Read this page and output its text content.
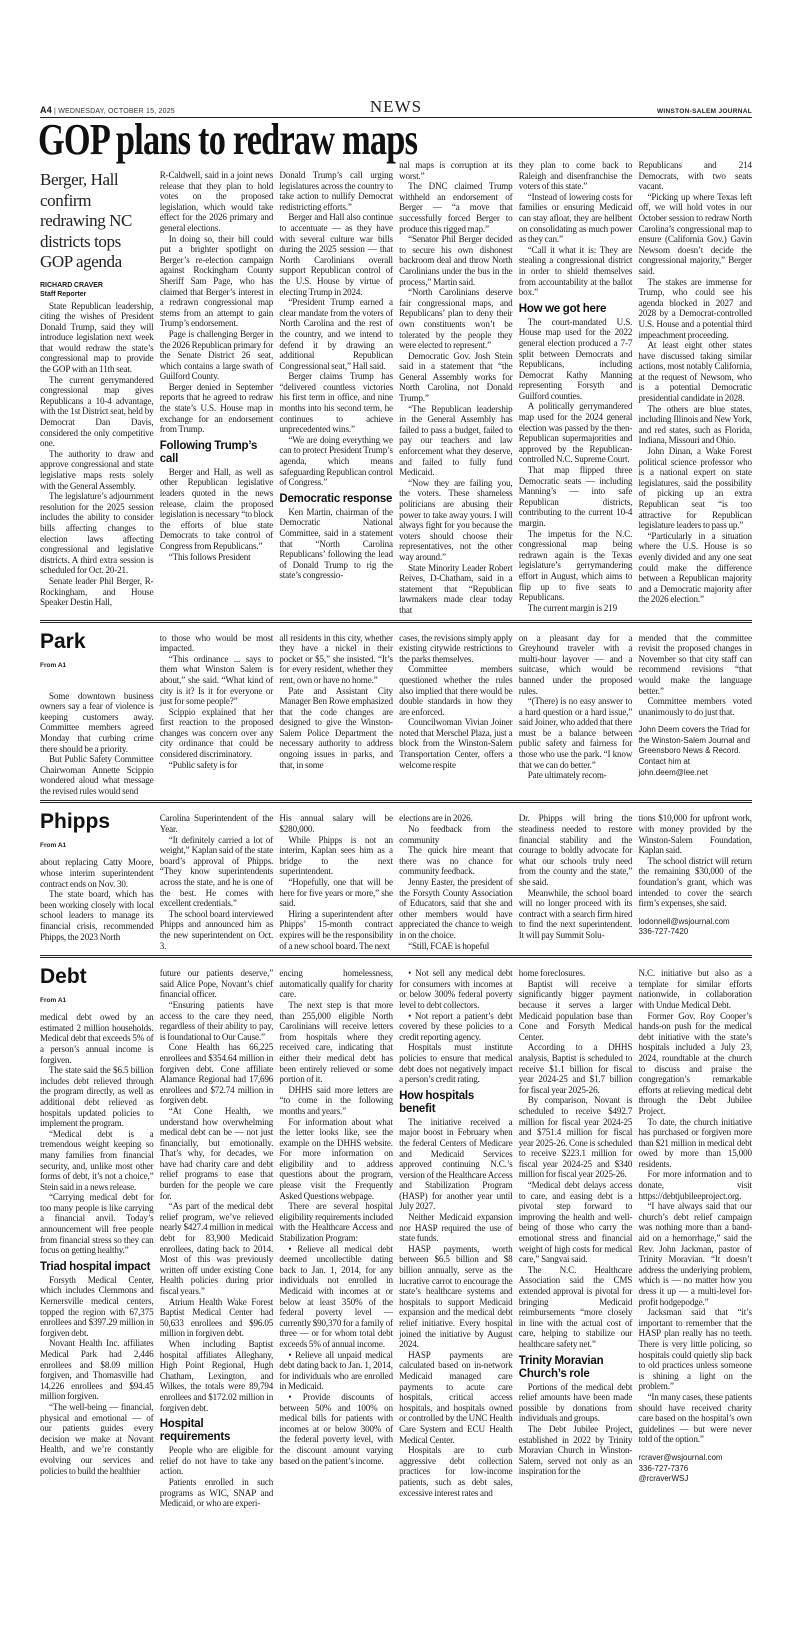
A4 | WEDNESDAY, OCTOBER 15, 2025	NEWS	WINSTON-SALEM JOURNAL
GOP plans to redraw maps
Berger, Hall confirm redrawing NC districts tops GOP agenda
RICHARD CRAVER
Staff Reporter

State Republican leadership, citing the wishes of President Donald Trump, said they will introduce legislation next week that would redraw the state’s congressional map to provide the GOP with an 11th seat.

The current gerrymandered congressional map gives Republicans a 10-4 advantage, with the 1st District seat, held by Democrat Dan Davis, considered the only competitive one.

The authority to draw and approve congressional and state legislative maps rests solely with the General Assembly.

The legislature’s adjournment resolution for the 2025 session includes the ability to consider bills affecting changes to election laws affecting congressional and legislative districts. A third extra session is scheduled for Oct. 20-21.

Senate leader Phil Berger, R-Rockingham, and House Speaker Destin Hall,

R-Caldwell, said in a joint news release that they plan to hold votes on the proposed legislation, which would take effect for the 2026 primary and general elections.

In doing so, their bill could put a brighter spotlight on Berger’s re-election campaign against Rockingham County Sheriff Sam Page, who has claimed that Berger’s interest in a redrawn congressional map stems from an attempt to gain Trump’s endorsement.

Page is challenging Berger in the 2026 Republican primary for the Senate District 26 seat, which contains a large swath of Guilford County.

Berger denied in September reports that he agreed to redraw the state’s U.S. House map in exchange for an endorsement from Trump.

Following Trump’s call

Berger and Hall, as well as other Republican legislative leaders quoted in the news release, claim the proposed legislation is necessary “to block the efforts of blue state Democrats to take control of Congress from Republicans.”

“This follows President

Donald Trump’s call urging legislatures across the country to take action to nullify Democrat redistricting efforts.”

Berger and Hall also continue to accentuate — as they have with several culture war bills during the 2025 session — that North Carolinians overall support Republican control of the U.S. House by virtue of electing Trump in 2024.

“President Trump earned a clear mandate from the voters of North Carolina and the rest of the country, and we intend to defend it by drawing an additional Republican Congressional seat,” Hall said.

Berger claims Trump has “delivered countless victories his first term in office, and nine months into his second term, he continues to achieve unprecedented wins.”

“We are doing everything we can to protect President Trump’s agenda, which means safeguarding Republican control of Congress.”

Democratic response

Ken Martin, chairman of the Democratic National Committee, said in a statement that “North Carolina Republicans’ following the lead of Donald Trump to rig the state’s congressio-

nal maps is corruption at its worst.”

The DNC claimed Trump withheld an endorsement of Berger — “a move that successfully forced Berger to produce this rigged map.”

“Senator Phil Berger decided to secure his own dishonest backroom deal and throw North Carolinians under the bus in the process,” Martin said.

“North Carolinians deserve fair congressional maps, and Republicans’ plan to deny their own constituents won’t be tolerated by the people they were elected to represent.”

Democratic Gov. Josh Stein said in a statement that “the General Assembly works for North Carolina, not Donald Trump.”

“The Republican leadership in the General Assembly has failed to pass a budget, failed to pay our teachers and law enforcement what they deserve, and failed to fully fund Medicaid.

“Now they are failing you, the voters. These shameless politicians are abusing their power to take away yours. I will always fight for you because the voters should choose their representatives, not the other way around.”

State Minority Leader Robert Reives, D-Chatham, said in a statement that “Republican lawmakers made clear today that

they plan to come back to Raleigh and disenfranchise the voters of this state.”

“Instead of lowering costs for families or ensuring Medicaid can stay afloat, they are hellbent on consolidating as much power as they can.”

“Call it what it is: They are stealing a congressional district in order to shield themselves from accountability at the ballot box.”

How we got here

The court-mandated U.S. House map used for the 2022 general election produced a 7-7 split between Democrats and Republicans, including Democrat Kathy Manning representing Forsyth and Guilford counties.

A politically gerrymandered map used for the 2024 general election was passed by the then-Republican supermajorities and approved by the Republican-controlled N.C. Supreme Court.

That map flipped three Democratic seats — including Manning’s — into safe Republican districts, contributing to the current 10-4 margin.

The impetus for the N.C. congressional map being redrawn again is the Texas legislature’s gerrymandering effort in August, which aims to flip up to five seats to Republicans.

The current margin is 219

Republicans and 214 Democrats, with two seats vacant.

“Picking up where Texas left off, we will hold votes in our October session to redraw North Carolina’s congressional map to ensure (California Gov.) Gavin Newsom doesn’t decide the congressional majority,” Berger said.

The stakes are immense for Trump, who could see his agenda blocked in 2027 and 2028 by a Democrat-controlled U.S. House and a potential third impeachment proceeding.

At least eight other states have discussed taking similar actions, most notably California, at the request of Newsom, who is a potential Democratic presidential candidate in 2028.

The others are blue states, including Illinois and New York, and red states, such as Florida, Indiana, Missouri and Ohio.

John Dinan, a Wake Forest political science professor who is a national expert on state legislatures, said the possibility of picking up an extra Republican seat “is too attractive for Republican legislature leaders to pass up.”

“Particularly in a situation where the U.S. House is so evenly divided and any one seat could make the difference between a Republican majority and a Democratic majority after the 2026 election.”

Park
From A1

Some downtown business owners say a fear of violence is keeping customers away. Committee members agreed Monday that curbing crime there should be a priority.

But Public Safety Committee Chairwoman Annette Scippio wondered aloud what message the revised rules would send

to those who would be most impacted.

“This ordinance ... says to them what Winston Salem is about,” she said. “What kind of city is it? Is it for everyone or just for some people?”

Scippio explained that her first reaction to the proposed changes was concern over any city ordinance that could be considered discriminatory.

“Public safety is for

all residents in this city, whether they have a nickel in their pocket or $5,” she insisted. “It’s for every resident, whether they rent, own or have no home.”

Pate and Assistant City Manager Ben Rowe emphasized that the code changes are designed to give the Winston-Salem Police Department the necessary authority to address ongoing issues in parks, and that, in some

cases, the revisions simply apply existing citywide restrictions to the parks themselves.

Committee members questioned whether the rules also implied that there would be double standards in how they are enforced.

Councilwoman Vivian Joiner noted that Merschel Plaza, just a block from the Winston-Salem Transportation Center, offers a welcome respite

on a pleasant day for a Greyhound traveler with a multi-hour layover — and a suitcase, which would be banned under the proposed rules.

“(There) is no easy answer to a hard question or a hard issue,” said Joiner, who added that there must be a balance between public safety and fairness for those who use the park. “I know that we can do better.”

Pate ultimately recom-

mended that the committee revisit the proposed changes in November so that city staff can recommend revisions “that would make the language better.”

Committee members voted unanimously to do just that.

John Deem covers the Triad for the Winston-Salem Journal and Greensboro News & Record. Contact him at john.deem@lee.net
Phipps
From A1

about replacing Catty Moore, whose interim superintendent contract ends on Nov. 30.

The state board, which has been working closely with local school leaders to manage its financial crisis, recommended Phipps, the 2023 North

Carolina Superintendent of the Year.

“It definitely carried a lot of weight,” Kaplan said of the state board’s approval of Phipps. “They know superintendents across the state, and he is one of the best. He comes with excellent credentials.”

The school board interviewed Phipps and announced him as the new superintendent on Oct. 3.

His annual salary will be $280,000.

While Phipps is not an interim, Kaplan sees him as a bridge to the next superintendent.

“Hopefully, one that will be here for five years or more,” she said.

Hiring a superintendent after Phipps’ 15-month contract expires will be the responsibility of a new school board. The next

elections are in 2026.

No feedback from the community

The quick hire meant that there was no chance for community feedback.

Jenny Easter, the president of the Forsyth County Association of Educators, said that she and other members would have appreciated the chance to weigh in on the choice.

“Still, FCAE is hopeful

Dr. Phipps will bring the steadiness needed to restore financial stability and the courage to boldly advocate for what our schools truly need from the county and the state,” she said.

Meanwhile, the school board will no longer proceed with its contract with a search firm hired to find the next superintendent. It will pay Summit Solu-

tions $10,000 for upfront work, with money provided by the Winston-Salem Foundation, Kaplan said.

The school district will return the remaining $30,000 of the foundation’s grant, which was intended to cover the search firm’s expenses, she said.

lodonnell@wsjournal.com
336-727-7420
Debt
From A1

medical debt owed by an estimated 2 million households. Medical debt that exceeds 5% of a person’s annual income is forgiven.

The state said the $6.5 billion includes debt relieved through the program directly, as well as additional debt relieved as hospitals updated policies to implement the program.

“Medical debt is a tremendous weight keeping so many families from financial security, and, unlike most other forms of debt, it’s not a choice,” Stein said in a news release.

“Carrying medical debt for too many people is like carrying a financial anvil. Today’s announcement will free people from financial stress so they can focus on getting healthy.”

Triad hospital impact

Forsyth Medical Center, which includes Clemmons and Kernersville medical centers, topped the region with 67,375 enrollees and $397.29 million in forgiven debt.

Novant Health Inc. affiliates Medical Park had 2,446 enrollees and $8.09 million forgiven, and Thomasville had 14,226 enrollees and $94.45 million forgiven.

“The well-being — financial, physical and emotional — of our patients guides every decision we make at Novant Health, and we’re constantly evolving our services and policies to build the healthier

future our patients deserve,” said Alice Pope, Novant’s chief financial officer.

“Ensuring patients have access to the care they need, regardless of their ability to pay, is foundational to Our Cause.”

Cone Health has 66,225 enrollees and $354.64 million in forgiven debt. Cone affiliate Alamance Regional had 17,696 enrollees and $72.74 million in forgiven debt.

“At Cone Health, we understand how overwhelming medical debt can be — not just financially, but emotionally. That’s why, for decades, we have had charity care and debt relief programs to ease that burden for the people we care for.

“As part of the medical debt relief program, we’ve relieved nearly $427.4 million in medical debt for 83,900 Medicaid enrollees, dating back to 2014. Most of this was previously written off under existing Cone Health policies during prior fiscal years.”

Atrium Health Wake Forest Baptist Medical Center had 50,633 enrollees and $96.05 million in forgiven debt.

When including Baptist hospital affiliates Alleghany, High Point Regional, Hugh Chatham, Lexington, and Wilkes, the totals were 89,794 enrollees and $172.02 million in forgiven debt.

Hospital requirements

People who are eligible for relief do not have to take any action.

Patients enrolled in such programs as WIC, SNAP and Medicaid, or who are experi-

encing homelessness, automatically qualify for charity care.

The next step is that more than 255,000 eligible North Carolinians will receive letters from hospitals where they received care, indicating that either their medical debt has been entirely relieved or some portion of it.

DHHS said more letters are “to come in the following months and years.”

For information about what the letter looks like, see the example on the DHHS website. For more information on eligibility and to address questions about the program, please visit the Frequently Asked Questions webpage.

There are several hospital eligibility requirements included with the Healthcare Access and Stabilization Program:

• Relieve all medical debt deemed uncollectible dating back to Jan. 1, 2014, for any individuals not enrolled in Medicaid with incomes at or below at least 350% of the federal poverty level — currently $90,370 for a family of three — or for whom total debt exceeds 5% of annual income.

• Relieve all unpaid medical debt dating back to Jan. 1, 2014, for individuals who are enrolled in Medicaid.

• Provide discounts of between 50% and 100% on medical bills for patients with incomes at or below 300% of the federal poverty level, with the discount amount varying based on the patient’s income.

• Not sell any medical debt for consumers with incomes at or below 300% federal poverty level to debt collectors.

• Not report a patient’s debt covered by these policies to a credit reporting agency.

Hospitals must institute policies to ensure that medical debt does not negatively impact a person’s credit rating.

How hospitals benefit

The initiative received a major boost in February when the federal Centers of Medicare and Medicaid Services approved continuing N.C.’s version of the Healthcare Access and Stabilization Program (HASP) for another year until July 2027.

Neither Medicaid expansion nor HASP required the use of state funds.

HASP payments, worth between $6.5 billion and $8 billion annually, serve as the lucrative carrot to encourage the state’s healthcare systems and hospitals to support Medicaid expansion and the medical debt relief initiative. Every hospital joined the initiative by August 2024.

HASP payments are calculated based on in-network Medicaid managed care payments to acute care hospitals, critical access hospitals, and hospitals owned or controlled by the UNC Health Care System and ECU Health Medical Center.

Hospitals are to curb aggressive debt collection practices for low-income patients, such as debt sales, excessive interest rates and

home foreclosures.

Baptist will receive a significantly bigger payment because it serves a larger Medicaid population base than Cone and Forsyth Medical Center.

According to a DHHS analysis, Baptist is scheduled to receive $1.1 billion for fiscal year 2024-25 and $1.7 billion for fiscal year 2025-26.

By comparison, Novant is scheduled to receive $492.7 million for fiscal year 2024-25 and $751.4 million for fiscal year 2025-26. Cone is scheduled to receive $223.1 million for fiscal year 2024-25 and $340 million for fiscal year 2025-26.

“Medical debt delays access to care, and easing debt is a pivotal step forward to improving the health and well-being of those who carry the emotional stress and financial weight of high costs for medical care,” Sangvai said.

The N.C. Healthcare Association said the CMS extended approval is pivotal for bringing Medicaid reimbursements “more closely in line with the actual cost of care, helping to stabilize our healthcare safety net.”

Trinity Moravian Church’s role

Portions of the medical debt relief amounts have been made possible by donations from individuals and groups.

The Debt Jubilee Project, established in 2022 by Trinity Moravian Church in Winston-Salem, served not only as an inspiration for the

N.C. initiative but also as a template for similar efforts nationwide, in collaboration with Undue Medical Debt.

Former Gov. Roy Cooper’s hands-on push for the medical debt initiative with the state’s hospitals included a July 23, 2024, roundtable at the church to discuss and praise the congregation’s remarkable efforts at relieving medical debt through the Debt Jubilee Project.

To date, the church initiative has purchased or forgiven more than $21 million in medical debt owed by more than 15,000 residents.

For more information and to donate, visit https://debtjubileeproject.org.

“I have always said that our church’s debt relief campaign was nothing more than a band-aid on a hemorrhage,” said the Rev. John Jackman, pastor of Trinity Moravian. “It doesn’t address the underlying problem, which is — no matter how you dress it up — a multi-level for-profit hodgepodge.”

Jacksman said that “it’s important to remember that the HASP plan really has no teeth. There is very little policing, so hospitals could quietly slip back to old practices unless someone is shining a light on the problem.”

“In many cases, these patients should have received charity care based on the hospital’s own guidelines — but were never told of the option.”

rcraver@wsjournal.com
336-727-7376
@rcraverWSJ
